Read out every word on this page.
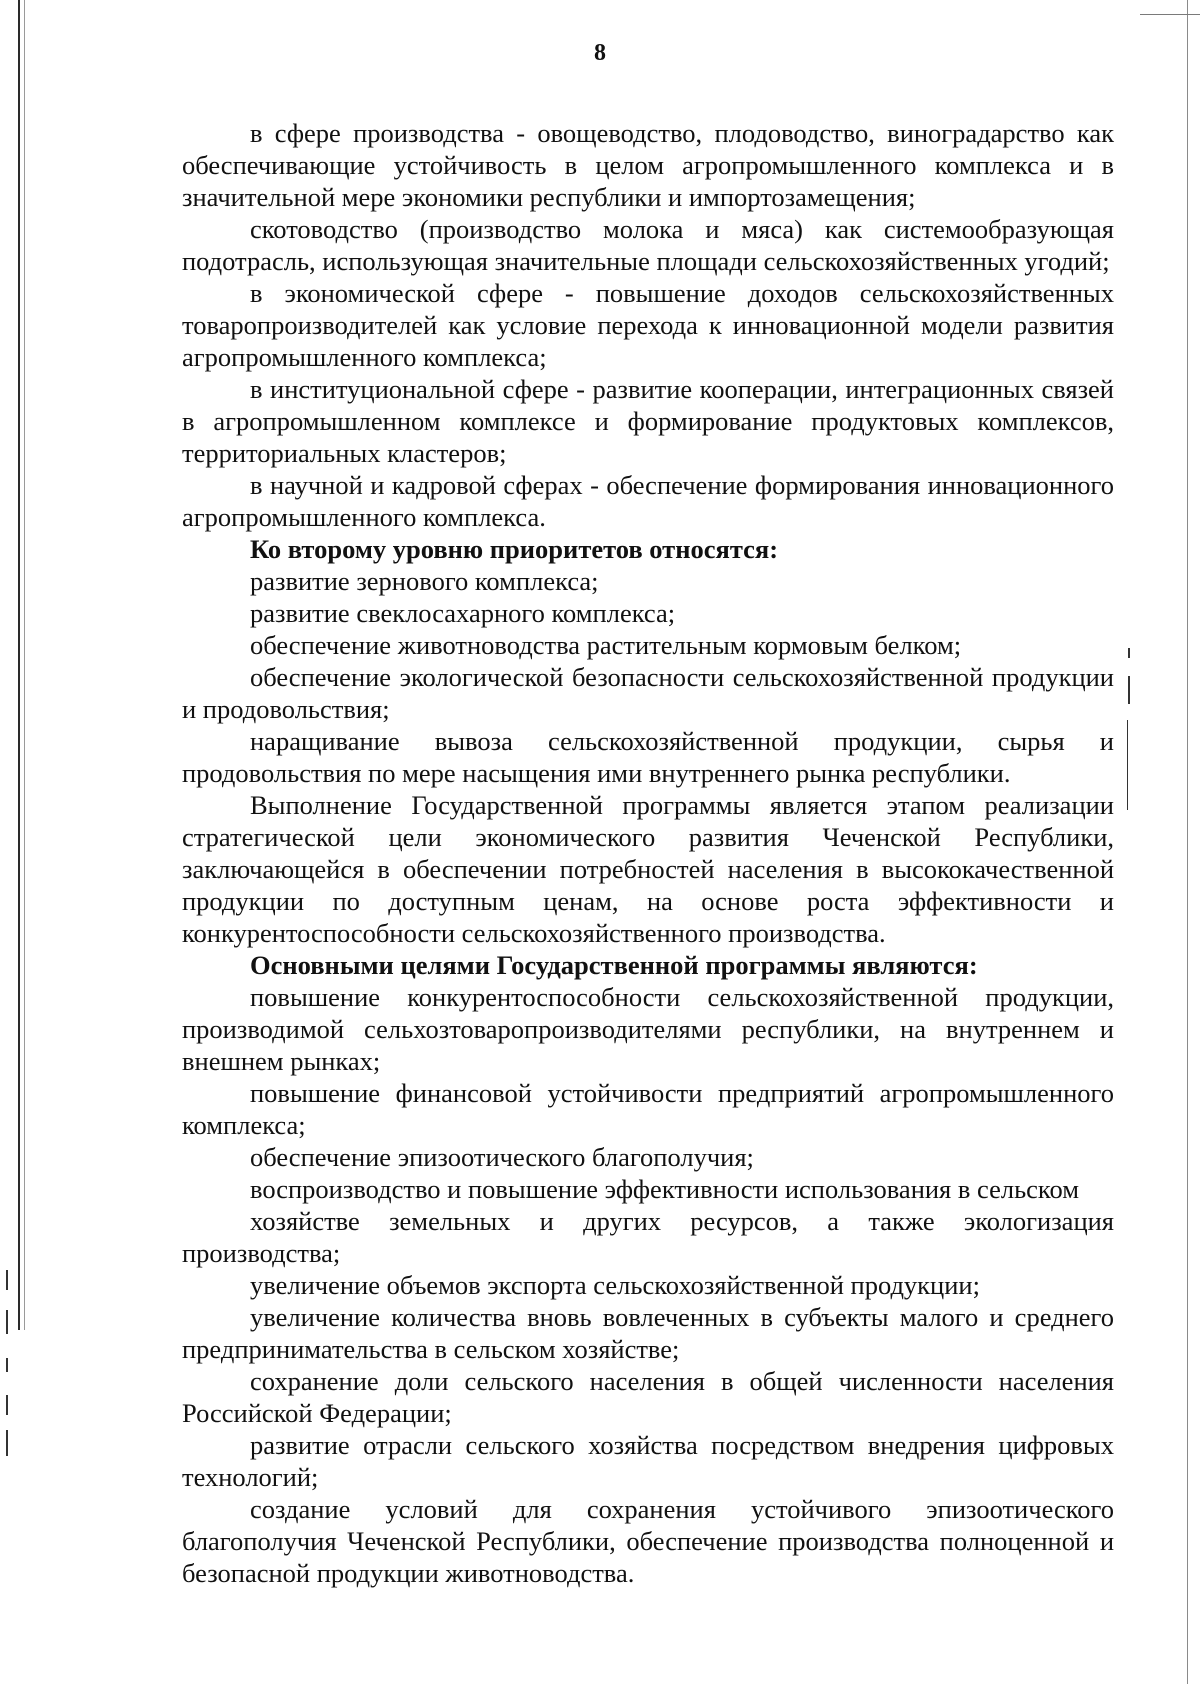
8

в сфере производства - овощеводство, плодоводство, виноградарство как обеспечивающие устойчивость в целом агропромышленного комплекса и в значительной мере экономики республики и импортозамещения;

скотоводство (производство молока и мяса) как системообразующая подотрасль, использующая значительные площади сельскохозяйственных угодий;

в экономической сфере - повышение доходов сельскохозяйственных товаропроизводителей как условие перехода к инновационной модели развития агропромышленного комплекса;

в институциональной сфере - развитие кооперации, интеграционных связей в агропромышленном комплексе и формирование продуктовых комплексов, территориальных кластеров;

в научной и кадровой сферах - обеспечение формирования инновационного агропромышленного комплекса.

Ко второму уровню приоритетов относятся:

развитие зернового комплекса;

развитие свеклосахарного комплекса;

обеспечение животноводства растительным кормовым белком;

обеспечение экологической безопасности сельскохозяйственной продукции и продовольствия;

наращивание вывоза сельскохозяйственной продукции, сырья и продовольствия по мере насыщения ими внутреннего рынка республики.

Выполнение Государственной программы является этапом реализации стратегической цели экономического развития Чеченской Республики, заключающейся в обеспечении потребностей населения в высококачественной продукции по доступным ценам, на основе роста эффективности и конкурентоспособности сельскохозяйственного производства.

Основными целями Государственной программы являются:

повышение конкурентоспособности сельскохозяйственной продукции, производимой сельхозтоваропроизводителями республики, на внутреннем и внешнем рынках;

повышение финансовой устойчивости предприятий агропромышленного комплекса;

обеспечение эпизоотического благополучия;

воспроизводство и повышение эффективности использования в сельском

хозяйстве земельных и других ресурсов, а также экологизация производства;

увеличение объемов экспорта сельскохозяйственной продукции;

увеличение количества вновь вовлеченных в субъекты малого и среднего предпринимательства в сельском хозяйстве;

сохранение доли сельского населения в общей численности населения Российской Федерации;

развитие отрасли сельского хозяйства посредством внедрения цифровых технологий;

создание условий для сохранения устойчивого эпизоотического благополучия Чеченской Республики, обеспечение производства полноценной и безопасной продукции животноводства.
